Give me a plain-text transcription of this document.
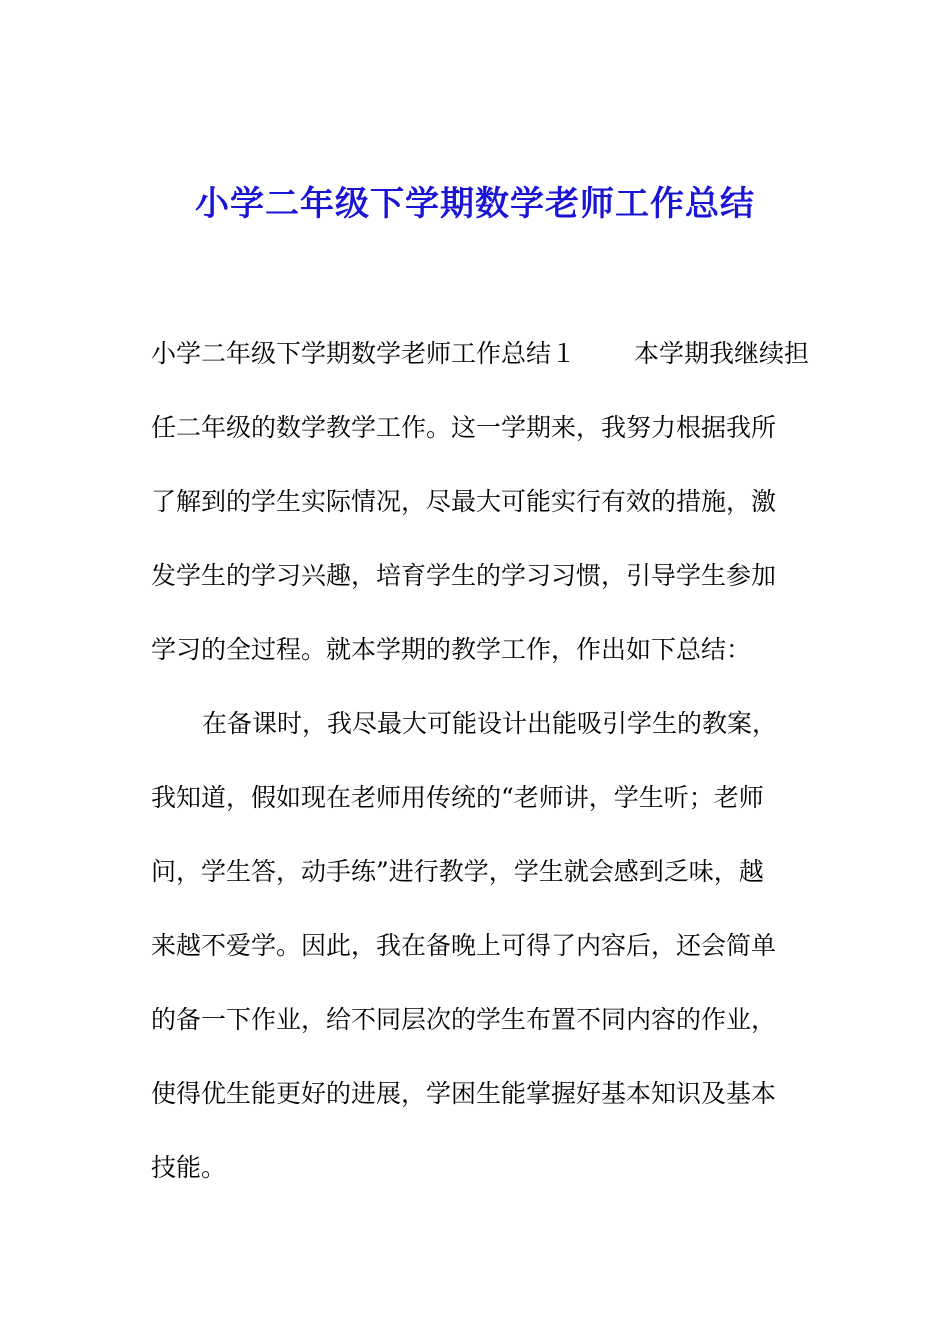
小学二年级下学期数学老师工作总结

小学二年级下学期数学老师工作总结１ 本学期我继续担

任二年级的数学教学工作。这一学期来，我努力根据我所

了解到的学生实际情况，尽最大可能实行有效的措施，激

发学生的学习兴趣，培育学生的学习习惯，引导学生参加

学习的全过程。就本学期的教学工作，作出如下总结：

在备课时，我尽最大可能设计出能吸引学生的教案，

我知道，假如现在老师用传统的“老师讲，学生听；老师

问，学生答，动手练”进行教学，学生就会感到乏味，越

来越不爱学。因此，我在备晚上可得了内容后，还会简单

的备一下作业，给不同层次的学生布置不同内容的作业，

使得优生能更好的进展，学困生能掌握好基本知识及基本

技能。
